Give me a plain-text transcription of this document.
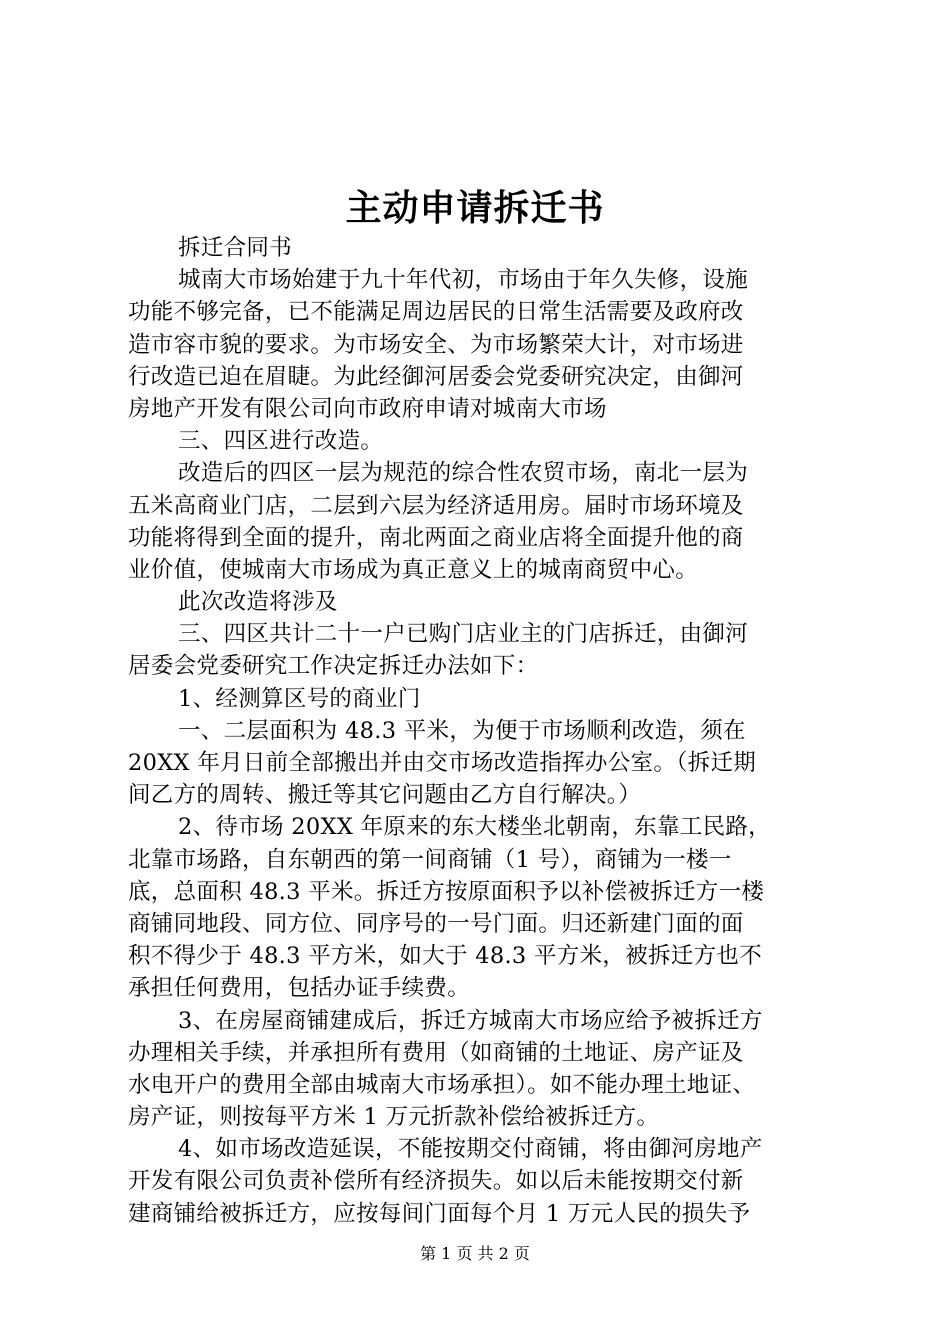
主动申请拆迁书
拆迁合同书
城南大市场始建于九十年代初，市场由于年久失修，设施
功能不够完备，已不能满足周边居民的日常生活需要及政府改
造市容市貌的要求。为市场安全、为市场繁荣大计，对市场进
行改造已迫在眉睫。为此经御河居委会党委研究决定，由御河
房地产开发有限公司向市政府申请对城南大市场
三、四区进行改造。
改造后的四区一层为规范的综合性农贸市场，南北一层为
五米高商业门店，二层到六层为经济适用房。届时市场环境及
功能将得到全面的提升，南北两面之商业店将全面提升他的商
业价值，使城南大市场成为真正意义上的城南商贸中心。
此次改造将涉及
三、四区共计二十一户已购门店业主的门店拆迁，由御河
居委会党委研究工作决定拆迁办法如下：
1、经测算区号的商业门
一、二层面积为 48.3 平米，为便于市场顺利改造，须在
20XX 年月日前全部搬出并由交市场改造指挥办公室。（拆迁期
间乙方的周转、搬迁等其它问题由乙方自行解决。）
2、待市场 20XX 年原来的东大楼坐北朝南，东靠工民路，
北靠市场路，自东朝西的第一间商铺（1 号），商铺为一楼一
底，总面积 48.3 平米。拆迁方按原面积予以补偿被拆迁方一楼
商铺同地段、同方位、同序号的一号门面。归还新建门面的面
积不得少于 48.3 平方米，如大于 48.3 平方米，被拆迁方也不
承担任何费用，包括办证手续费。
3、在房屋商铺建成后，拆迁方城南大市场应给予被拆迁方
办理相关手续，并承担所有费用（如商铺的土地证、房产证及
水电开户的费用全部由城南大市场承担）。如不能办理土地证、
房产证，则按每平方米 1 万元折款补偿给被拆迁方。
4、如市场改造延误，不能按期交付商铺，将由御河房地产
开发有限公司负责补偿所有经济损失。如以后未能按期交付新
建商铺给被拆迁方，应按每间门面每个月 1 万元人民的损失予
第 1 页 共 2 页
